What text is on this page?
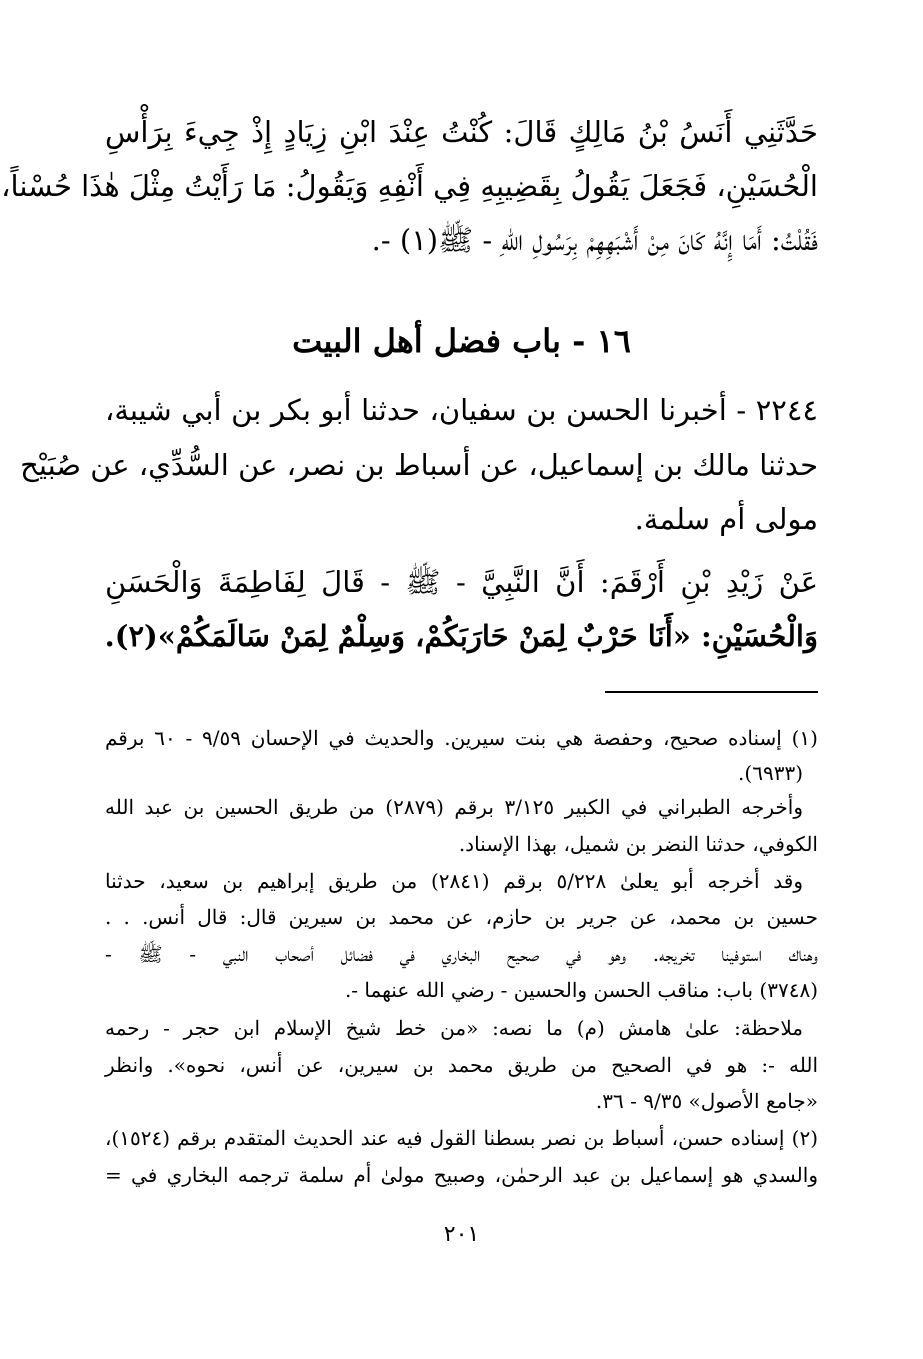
حَدَّثَنِي أَنَسُ بْنُ مَالِكٍ قَالَ: كُنْتُ عِنْدَ ابْنِ زِيَادٍ إِذْ جِيءَ بِرَأْسِ
الْحُسَيْنِ، فَجَعَلَ يَقُولُ بِقَضِيبِهِ فِي أَنْفِهِ وَيَقُولُ: مَا رَأَيْتُ مِثْلَ هٰذَا حُسْناً،
فَقُلْتُ: أَمَا إِنَّهُ كَانَ مِنْ أَشْبَهِهِمْ بِرَسُولِ اللهِ - ﷺ(١) -.
١٦ - باب فضل أهل البيت
٢٢٤٤ - أخبرنا الحسن بن سفيان، حدثنا أبو بكر بن أبي شيبة،
حدثنا مالك بن إسماعيل، عن أسباط بن نصر، عن السُّدِّي، عن صُبَيْح
مولى أم سلمة.
عَنْ زَيْدِ بْنِ أَرْقَمَ: أَنَّ النَّبِيَّ - ﷺ - قَالَ لِفَاطِمَةَ وَالْحَسَنِ
وَالْحُسَيْنِ: «أَنَا حَرْبٌ لِمَنْ حَارَبَكُمْ، وَسِلْمٌ لِمَنْ سَالَمَكُمْ»(٢).
(١) إسناده صحيح، وحفصة هي بنت سيرين. والحديث في الإحسان ٩/٥٩ - ٦٠ برقم
(٦٩٣٣).
وأخرجه الطبراني في الكبير ٣/١٢٥ برقم (٢٨٧٩) من طريق الحسين بن عبد الله
الكوفي، حدثنا النضر بن شميل، بهذا الإسناد.
وقد أخرجه أبو يعلىٰ ٥/٢٢٨ برقم (٢٨٤١) من طريق إبراهيم بن سعيد، حدثنا
حسين بن محمد، عن جرير بن حازم، عن محمد بن سيرين قال: قال أنس. . .
وهناك استوفينا تخريجه. وهو في صحيح البخاري في فضائل أصحاب النبي - ﷺ -
(٣٧٤٨) باب: مناقب الحسن والحسين - رضي الله عنهما -.
ملاحظة: علىٰ هامش (م) ما نصه: «من خط شيخ الإسلام ابن حجر - رحمه
الله -: هو في الصحيح من طريق محمد بن سيرين، عن أنس، نحوه». وانظر
«جامع الأصول» ٩/٣٥ - ٣٦.
(٢) إسناده حسن، أسباط بن نصر بسطنا القول فيه عند الحديث المتقدم برقم (١٥٢٤)،
والسدي هو إسماعيل بن عبد الرحمٰن، وصبيح مولىٰ أم سلمة ترجمه البخاري في =
٢٠١
